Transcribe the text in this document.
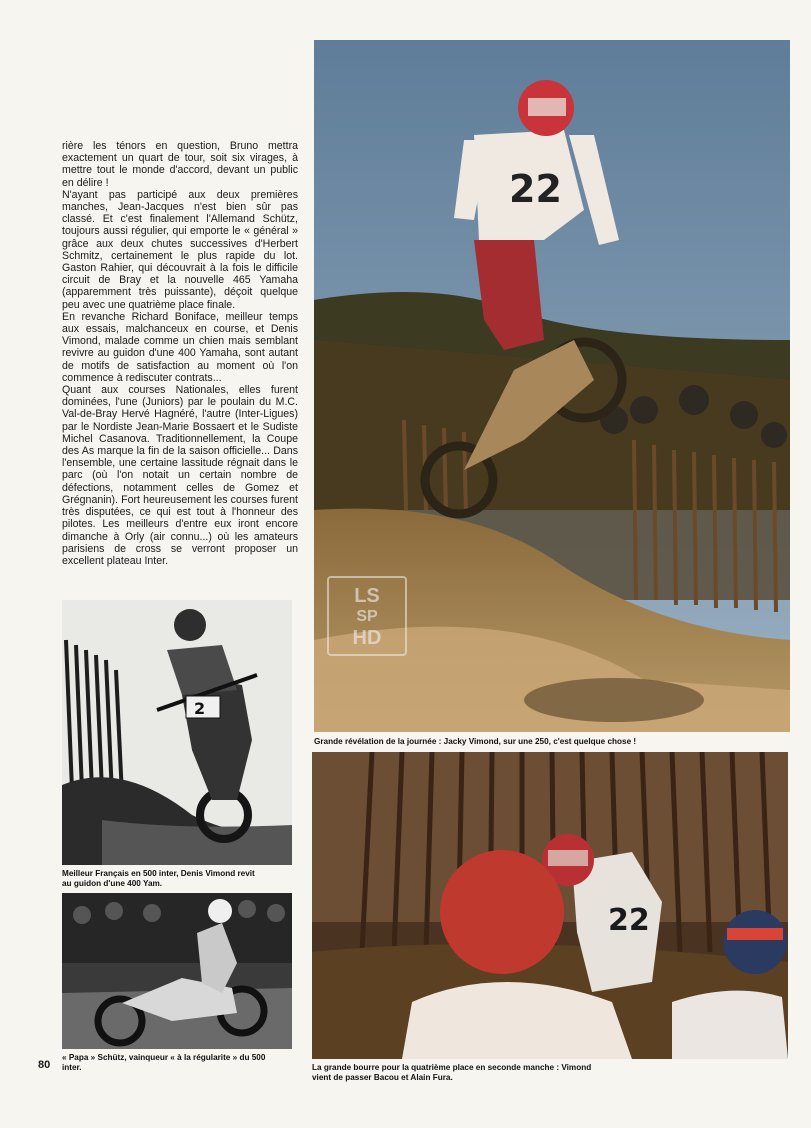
rière les ténors en question, Bruno mettra exactement un quart de tour, soit six virages, à mettre tout le monde d'accord, devant un public en délire !

N'ayant pas participé aux deux premières manches, Jean-Jacques n'est bien sûr pas classé. Et c'est finalement l'Allemand Schütz, toujours aussi régulier, qui emporte le « général » grâce aux deux chutes successives d'Herbert Schmitz, certainement le plus rapide du lot. Gaston Rahier, qui découvrait à la fois le difficile circuit de Bray et la nouvelle 465 Yamaha (apparemment très puissante), déçoit quelque peu avec une quatrième place finale.

En revanche Richard Boniface, meilleur temps aux essais, malchanceux en course, et Denis Vimond, malade comme un chien mais semblant revivre au guidon d'une 400 Yamaha, sont autant de motifs de satisfaction au moment où l'on commence à rediscuter contrats...

Quant aux courses Nationales, elles furent dominées, l'une (Juniors) par le poulain du M.C. Val-de-Bray Hervé Hagnéré, l'autre (Inter-Ligues) par le Nordiste Jean-Marie Bossaert et le Sudiste Michel Casanova. Traditionnellement, la Coupe des As marque la fin de la saison officielle... Dans l'ensemble, une certaine lassitude régnait dans le parc (où l'on notait un certain nombre de défections, notamment celles de Gomez et Grégnanin). Fort heureusement les courses furent très disputées, ce qui est tout à l'honneur des pilotes. Les meilleurs d'entre eux iront encore dimanche à Orly (air connu...) où les amateurs parisiens de cross se verront proposer un excellent plateau Inter.

22
LS
SP
HD
Grande révélation de la journée : Jacky Vimond, sur une 250, c'est quelque chose !
2
Meilleur Français en 500 inter, Denis Vimond revit au guidon d'une 400 Yam.
« Papa » Schütz, vainqueur « à la régularite » du 500 inter.
22
La grande bourre pour la quatrième place en seconde manche : Vimond vient de passer Bacou et Alain Fura.
80
